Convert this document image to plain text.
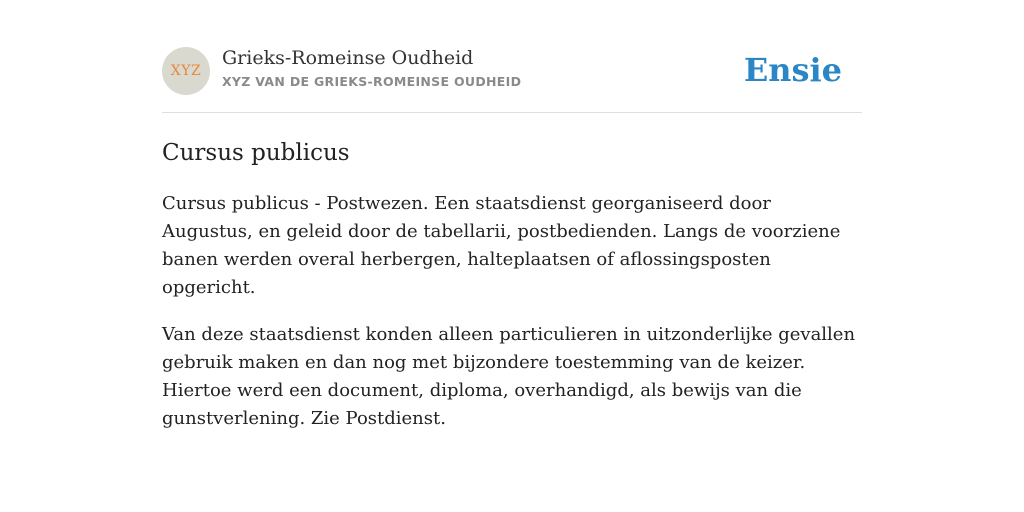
XYZ
Grieks-Romeinse Oudheid
XYZ VAN DE GRIEKS-ROMEINSE OUDHEID	Ensie
Cursus publicus

Cursus publicus - Postwezen. Een staatsdienst georganiseerd door Augustus, en geleid door de tabellarii, postbedienden. Langs de voorziene banen werden overal herbergen, halteplaatsen of aflossingsposten opgericht.

Van deze staatsdienst konden alleen particulieren in uitzonderlijke gevallen gebruik maken en dan nog met bijzondere toestemming van de keizer. Hiertoe werd een document, diploma, overhandigd, als bewijs van die gunstverlening. Zie Postdienst.
